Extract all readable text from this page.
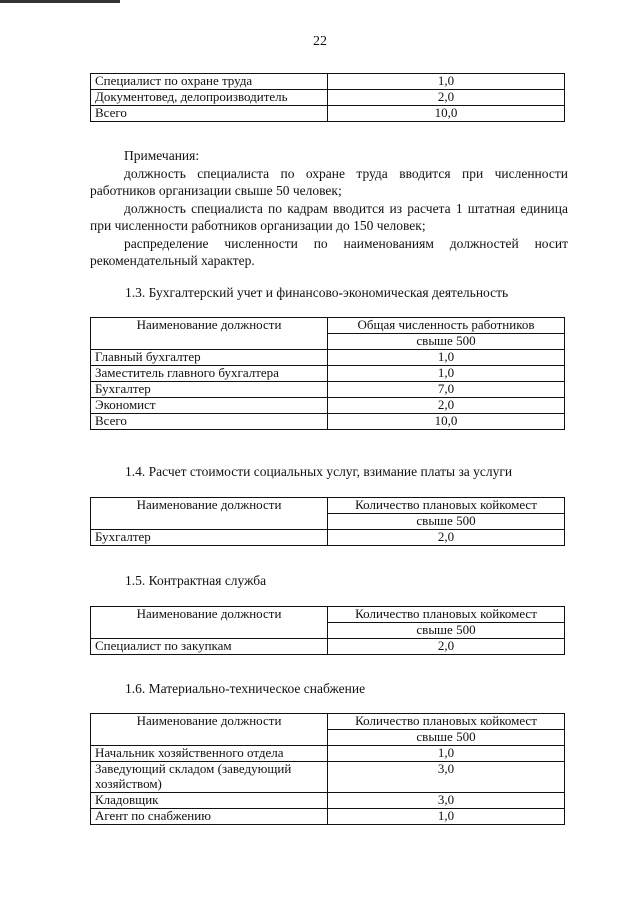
22
Специалист по охране труда	1,0
Документовед, делопроизводитель	2,0
Всего	10,0

Примечания:

должность специалиста по охране труда вводится при численности работников организации свыше 50 человек;

должность специалиста по кадрам вводится из расчета 1 штатная единица при численности работников организации до 150 человек;

распределение численности по наименованиям должностей носит рекомендательный характер.

1.3. Бухгалтерский учет и финансово-экономическая деятельность
Наименование должности	Общая численность работников
	свыше 500
Главный бухгалтер	1,0
Заместитель главного бухгалтера	1,0
Бухгалтер	7,0
Экономист	2,0
Всего	10,0
1.4. Расчет стоимости социальных услуг, взимание платы за услуги
Наименование должности	Количество плановых койкомест
	свыше 500
Бухгалтер	2,0
1.5. Контрактная служба
Наименование должности	Количество плановых койкомест
	свыше 500
Специалист по закупкам	2,0
1.6. Материально-техническое снабжение
Наименование должности	Количество плановых койкомест
	свыше 500
Начальник хозяйственного отдела	1,0
Заведующий складом (заведующий хозяйством)	3,0
Кладовщик	3,0
Агент по снабжению	1,0
